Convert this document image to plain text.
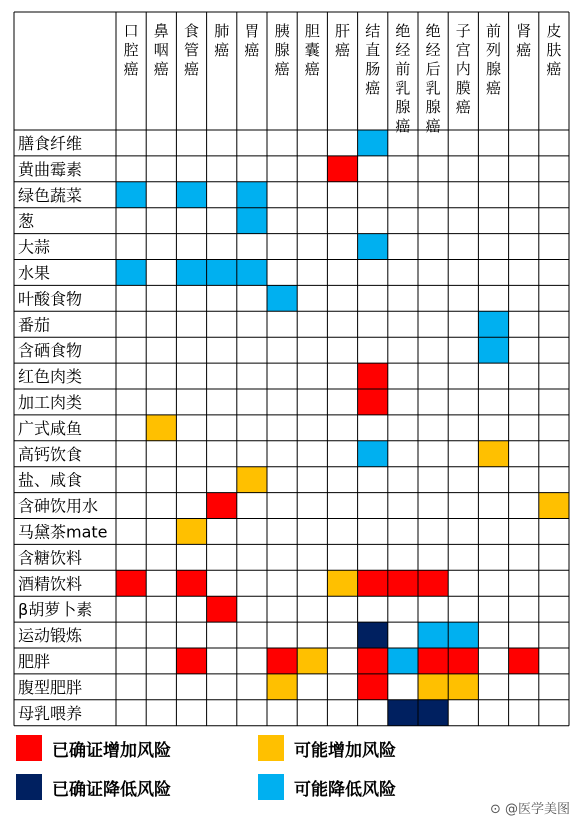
口腔癌
鼻咽癌
食管癌
肺癌
胃癌
胰腺癌
胆囊癌
肝癌
结直肠癌
绝经前乳腺癌
绝经后乳腺癌
子宫内膜癌
前列腺癌
肾癌
皮肤癌
膳食纤维
黄曲霉素
绿色蔬菜
葱
大蒜
水果
叶酸食物
番茄
含硒食物
红色肉类
加工肉类
广式咸鱼
高钙饮食
盐、咸食
含砷饮用水
马黛茶mate
含糖饮料
酒精饮料
β胡萝卜素
运动锻炼
肥胖
腹型肥胖
母乳喂养
已确证增加风险	可能增加风险
已确证降低风险	可能降低风险
⊙ @医学美图
